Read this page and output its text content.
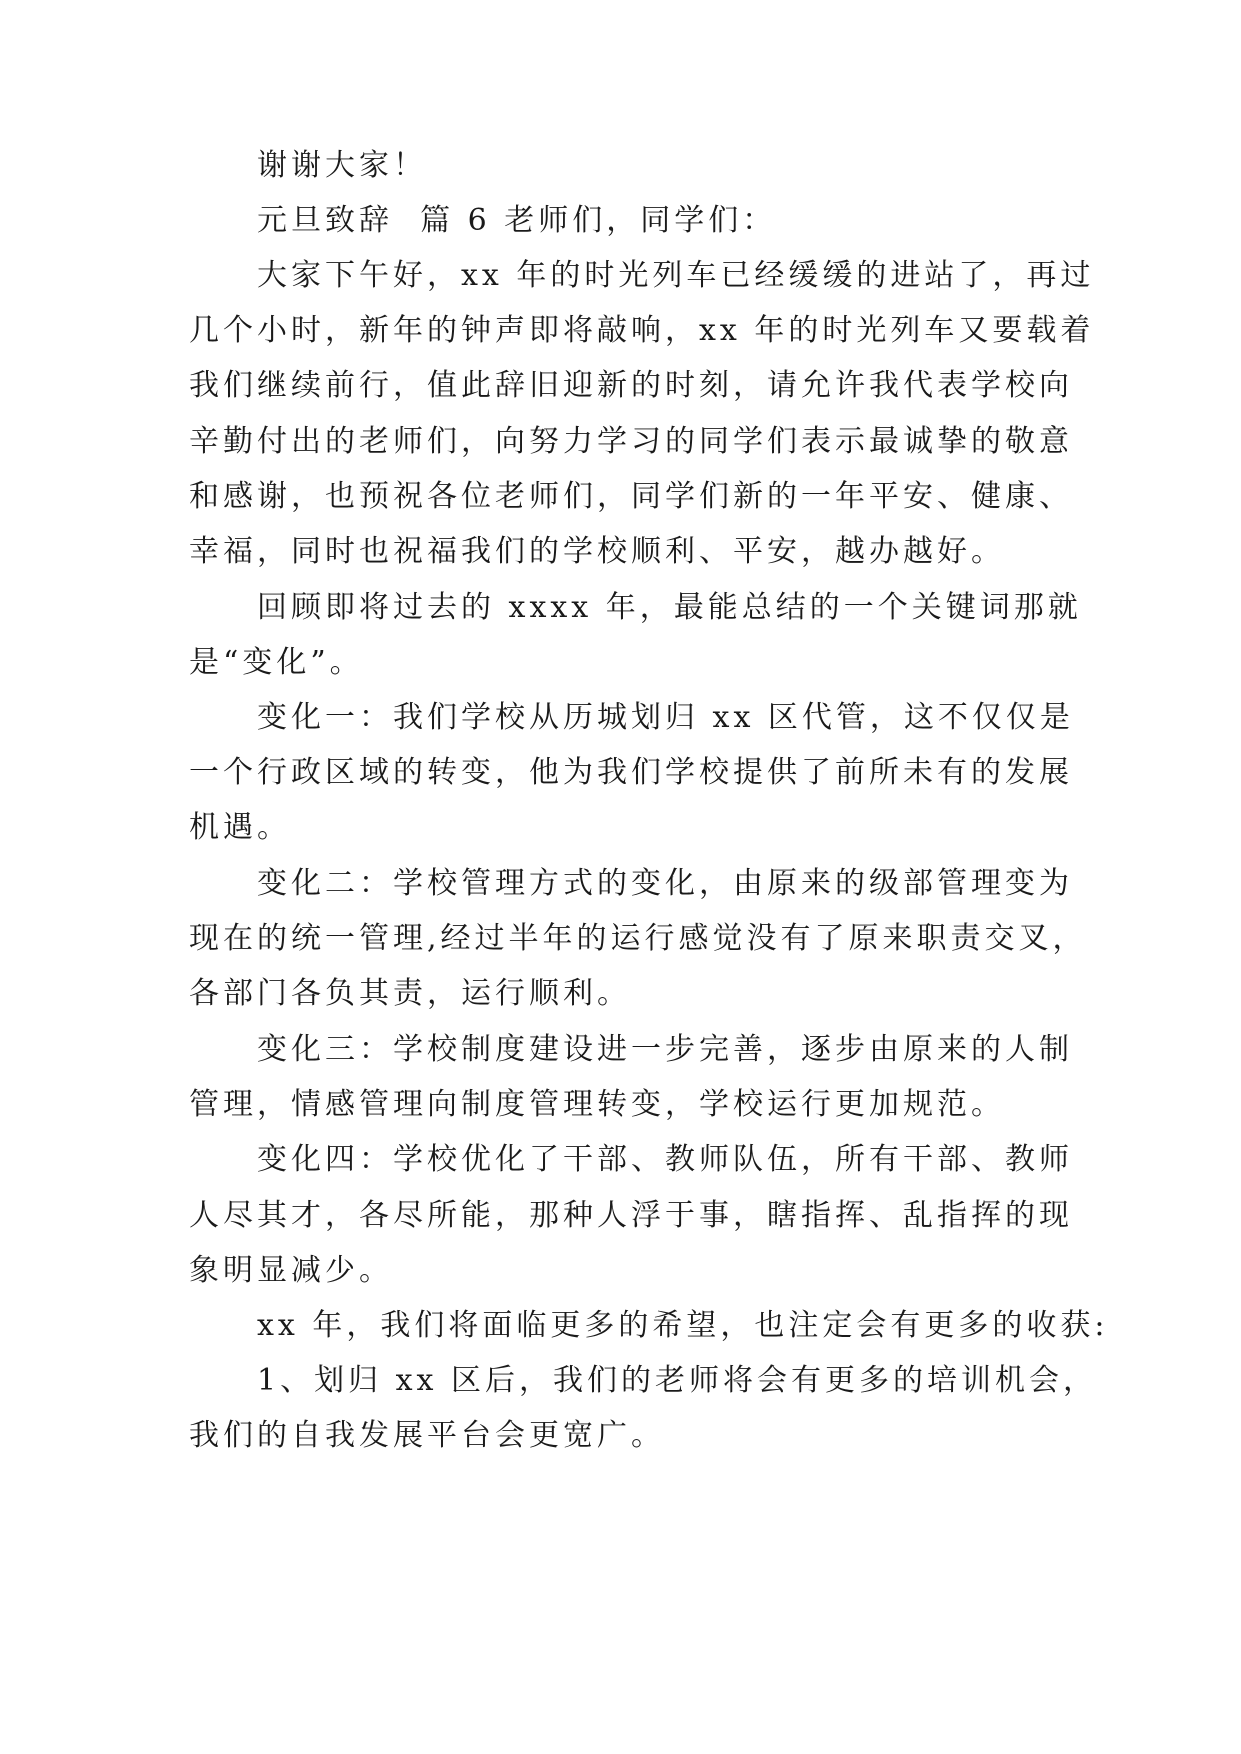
谢谢大家！
元旦致辞  篇 6 老师们，同学们：
大家下午好，xx 年的时光列车已经缓缓的进站了，再过
几个小时，新年的钟声即将敲响，xx 年的时光列车又要载着
我们继续前行，值此辞旧迎新的时刻，请允许我代表学校向
辛勤付出的老师们，向努力学习的同学们表示最诚挚的敬意
和感谢，也预祝各位老师们，同学们新的一年平安、健康、
幸福，同时也祝福我们的学校顺利、平安，越办越好。
回顾即将过去的 xxxx 年，最能总结的一个关键词那就
是“变化”。
变化一：我们学校从历城划归 xx 区代管，这不仅仅是
一个行政区域的转变，他为我们学校提供了前所未有的发展
机遇。
变化二：学校管理方式的变化，由原来的级部管理变为
现在的统一管理,经过半年的运行感觉没有了原来职责交叉，
各部门各负其责，运行顺利。
变化三：学校制度建设进一步完善，逐步由原来的人制
管理，情感管理向制度管理转变，学校运行更加规范。
变化四：学校优化了干部、教师队伍，所有干部、教师
人尽其才，各尽所能，那种人浮于事，瞎指挥、乱指挥的现
象明显减少。
xx 年，我们将面临更多的希望，也注定会有更多的收获:
1、划归 xx 区后，我们的老师将会有更多的培训机会，
我们的自我发展平台会更宽广。
